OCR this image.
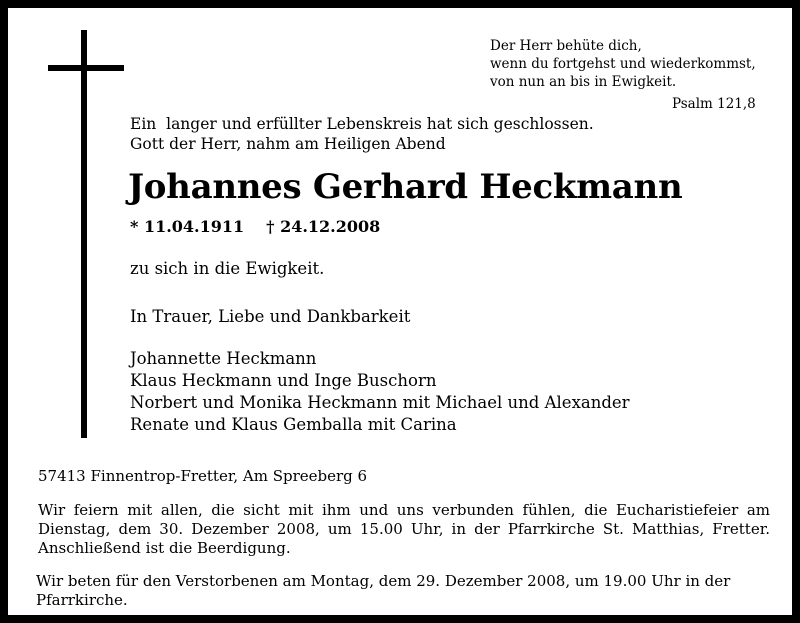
Der Herr behüte dich,
wenn du fortgehst und wiederkommst,
von nun an bis in Ewigkeit.
Psalm 121,8
Ein  langer und erfüllter Lebenskreis hat sich geschlossen.
Gott der Herr, nahm am Heiligen Abend
Johannes Gerhard Heckmann
* 11.04.1911 † 24.12.2008
zu sich in die Ewigkeit.
In Trauer, Liebe und Dankbarkeit
Johannette Heckmann
Klaus Heckmann und Inge Buschorn
Norbert und Monika Heckmann mit Michael und Alexander
Renate und Klaus Gemballa mit Carina
57413 Finnentrop-Fretter, Am Spreeberg 6
Wir feiern mit allen, die sicht mit ihm und uns verbunden fühlen, die Eucharistiefeier am
Dienstag, dem 30. Dezember 2008, um 15.00 Uhr, in der Pfarrkirche St. Matthias, Fretter.
Anschließend ist die Beerdigung.
Wir beten für den Verstorbenen am Montag, dem 29. Dezember 2008, um 19.00 Uhr in der
Pfarrkirche.
